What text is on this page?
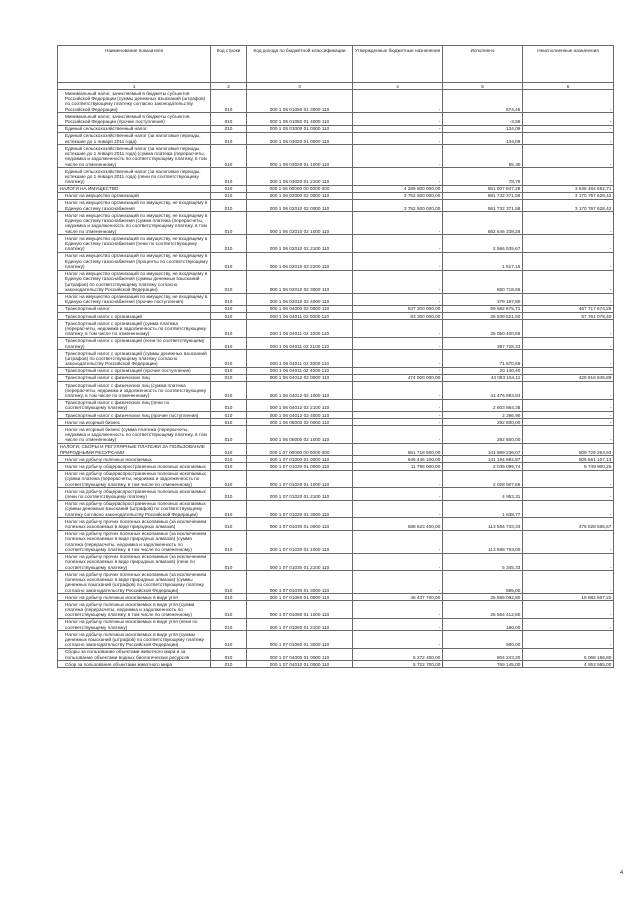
Наименование показателя	Код строки	Код дохода по бюджетной классификации	Утвержденные бюджетные назначения	Исполнено	Неисполненные назначения
1	2	3	4	5	6
Минимальный налог, зачисляемый в бюджеты субъектов Российской Федерации (суммы денежных взысканий (штрафов) по соответствующему платежу согласно законодательству Российской Федерации)	010	000 1 05 01050 01 3000 110	-	674,45	-
Минимальный налог, зачисляемый в бюджеты субъектов Российской Федерации (прочие поступления)	010	000 1 05 01050 01 4000 110	-	-3,59	-
Единый сельскохозяйственный налог	010	000 1 05 03000 01 0000 110	-	134,09	-
Единый сельскохозяйственный налог (за налоговые периоды, истекшие до 1 января 2011 года)	010	000 1 05 03020 01 0000 110	-	134,09	-
Единый сельскохозяйственный налог (за налоговые периоды, истекшие до 1 января 2011 года) (сумма платежа (перерасчеты, недоимка и задолженность по соответствующему платежу, в том числе по отмененному)	010	000 1 05 03020 01 1000 110	-	55,30	-
Единый сельскохозяйственный налог (за налоговые периоды, истекшие до 1 января 2011 года) (пени по соответствующему платежу)	010	000 1 05 03020 01 2100 110	-	78,79	-
НАЛОГИ НА ИМУЩЕСТВО	010	000 1 06 00000 00 0000 000	4 289 800 000,00	651 007 847,28	3 638 484 652,71
Налог на имущество организаций	010	000 1 06 02000 02 0000 110	3 752 500 000,00	581 732 371,58	3 170 767 628,42
Налог на имущество организаций по имуществу, не входящему в Единую систему газоснабжения	010	000 1 06 02010 02 0000 110	3 752 500 000,00	581 732 371,58	3 170 767 628,42
Налог на имущество организаций по имуществу, не входящему в Единую систему газоснабжения (сумма платежа (перерасчеты, недоимка и задолженность по соответствующему платежу, в том числе по отмененному)	010	000 1 06 02010 02 1000 110	-	562 646 338,28	-
Налог на имущество организаций по имуществу, не входящему в Единую систему газоснабжения (пени по соответствующему платежу)	010	000 1 06 02010 02 2100 110	-	2 566 539,67	-
Налог на имущество организаций по имуществу, не входящему в Единую систему газоснабжения (проценты по соответствующему платежу)	010	000 1 06 02010 02 2200 110	-	1 517,15	-
Налог на имущество организаций по имуществу, не входящему в Единую систему газоснабжения (суммы денежных взысканий (штрафов) по соответствующему платежу согласно законодательству Российской Федерации)	010	000 1 06 02010 02 3000 110	-	650 718,65	-
Налог на имущество организаций по имуществу, не входящему в Единую систему газоснабжения (прочие поступления)	010	000 1 06 02010 02 4000 110	-	379 197,80	-
Транспортный налог	010	000 1 06 04000 02 0000 110	537 300 000,00	69 682 675,71	467 717 674,29
Транспортный налог с организаций	010	000 1 06 04011 02 0000 110	83 300 000,00	25 539 521,60	57 761 078,40
Транспортный налог с организаций (сумма платежа (перерасчеты, недоимка и задолженность по соответствующему платежу, в том числе по отмененному)	010	000 1 06 04011 02 1000 110	-	25 050 400,55	-
Транспортный налог с организаций (пени по соответствующему платежу)	010	000 1 06 04011 02 2100 110	-	397 728,33	-
Транспортный налог с организаций (суммы денежных взысканий (штрафов) по соответствующему платежу согласно законодательству Российской Федерации)	010	000 1 06 04011 02 3000 110	-	71 570,69	-
Транспортный налог с организаций (прочие поступления)	010	000 1 06 04011 02 4000 110	-	20 140,40	-
Транспортный налог с физических лиц	010	000 1 06 04012 02 0000 110	474 000 000,00	44 083 154,11	429 916 845,89
Транспортный налог с физических лиц (сумма платежа (перерасчеты, недоимка и задолженность по соответствующему платежу, в том числе по отмененному)	010	000 1 06 04012 02 1000 110	-	41 476 993,83	-
Транспортный налог с физических лиц (пени по соответствующему платежу)	010	000 1 06 04012 02 2100 110	-	2 603 864,38	-
Транспортный налог с физических лиц (прочие поступления)	010	000 1 06 04012 02 4000 110	-	2 296,90	-
Налог на игорный бизнес	010	000 1 06 05000 02 0000 110	-	292 800,00	-
Налог на игорный бизнес (сумма платежа (перерасчеты, недоимка и задолженность по соответствующему платежу, в том числе по отмененному)	010	000 1 06 05000 02 1000 110	-	292 800,00	-
НАЛОГИ, СБОРЫ И РЕГУЛЯРНЫЕ ПЛАТЕЖИ ЗА ПОЛЬЗОВАНИЕ ПРИРОДНЫМИ РЕСУРСАМИ	010	000 1 07 00000 00 0000 000	651 718 500,00	141 989 236,07	509 729 263,93
Налог на добычу полезных ископаемых	010	000 1 07 01000 01 0000 110	646 446 100,00	141 184 992,87	505 661 107,13
Налог на добычу общераспространенных полезных ископаемых	010	000 1 07 01020 01 0000 110	11 785 000,00	2 035 099,74	9 749 900,26
Налог на добычу общераспространенных полезных ископаемых (сумма платежа (перерасчеты, недоимка и задолженность по соответствующему платежу, в том числе по отмененному)	010	000 1 07 01020 01 1000 110	-	2 028 507,66	-
Налог на добычу общераспространенных полезных ископаемых (пени по соответствующему платежу)	010	000 1 07 01020 01 2100 110	-	4 953,31	-
Налог на добычу общераспространенных полезных ископаемых (суммы денежных взысканий (штрафов) по соответствующему платежу согласно законодательству Российской Федерации)	010	000 1 07 01020 01 3000 110	-	1 638,77	-
Налог на добычу прочих полезных ископаемых (за исключением полезных ископаемых в виде природных алмазов)	010	000 1 07 01030 01 0000 110	588 623 400,00	113 594 733,33	475 028 666,67
Налог на добычу прочих полезных ископаемых (за исключением полезных ископаемых в виде природных алмазов) (сумма платежа (перерасчеты, недоимка и задолженность по соответствующему платежу, в том числе по отмененному)	010	000 1 07 01030 01 1000 110	-	113 588 793,00	-
Налог на добычу прочих полезных ископаемых (за исключением полезных ископаемых в виде природных алмазов) (пени по соответствующему платежу)	010	000 1 07 01030 01 2100 110	-	5 345,33	-
Налог на добычу прочих полезных ископаемых (за исключением полезных ископаемых в виде природных алмазов) (суммы денежных взысканий (штрафов) по соответствующему платежу согласно законодательству Российской Федерации)	010	000 1 07 01030 01 3000 110	-	595,00	-
Налог на добычу полезных ископаемых в виде угля	010	000 1 07 01060 01 0000 110	45 437 700,00	25 555 092,80	19 882 507,20
Налог на добычу полезных ископаемых в виде угля (сумма платежа (перерасчеты, недоимка и задолженность по соответствующему платежу, в том числе по отмененному)	010	000 1 07 01060 01 1000 110	-	25 554 412,80	-
Налог на добычу полезных ископаемых в виде угля (пени по соответствующему платежу)	010	000 1 07 01060 01 2100 110	-	180,00	-
Налог на добычу полезных ископаемых в виде угля (суммы денежных взысканий (штрафов) по соответствующему платежу согласно законодательству Российской Федерации)	010	000 1 07 01060 01 3000 110	-	500,00	-
Сборы за пользование объектами животного мира и за пользование объектами водных биологических ресурсов	010	000 1 07 04000 01 0000 110	5 272 400,00	804 243,20	5 068 156,80
Сбор за пользование объектами животного мира	010	000 1 07 04010 01 0000 110	5 722 700,00	769 145,00	4 953 555,00
4
